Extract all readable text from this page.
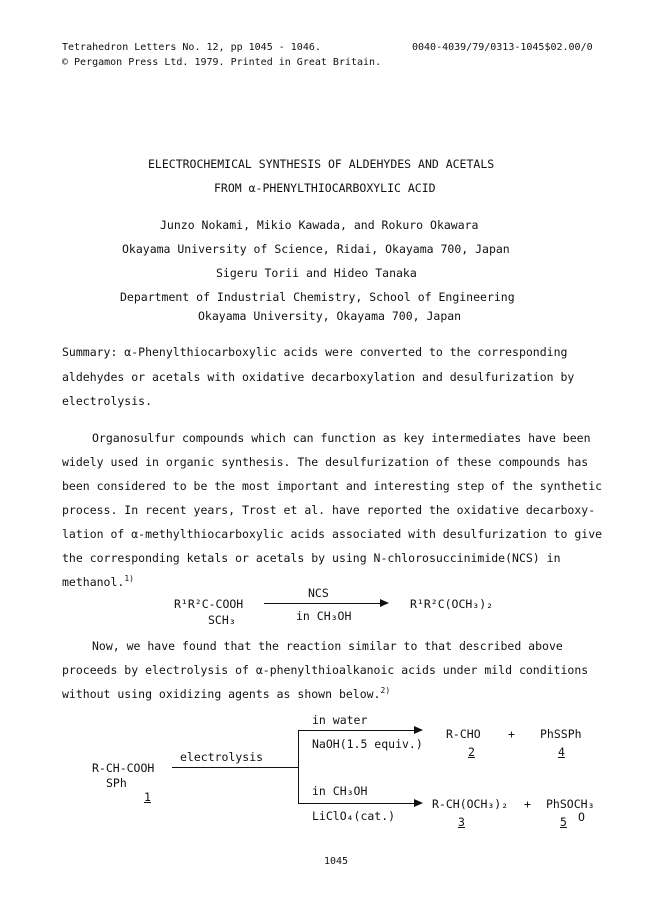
Tetrahedron Letters No. 12, pp 1045 - 1046.
© Pergamon Press Ltd. 1979. Printed in Great Britain.
0040-4039/79/0313-1045$02.00/0
ELECTROCHEMICAL SYNTHESIS OF ALDEHYDES AND ACETALS
FROM α-PHENYLTHIOCARBOXYLIC ACID
Junzo Nokami, Mikio Kawada, and Rokuro Okawara
Okayama University of Science, Ridai, Okayama 700, Japan
Sigeru Torii and Hideo Tanaka
Department of Industrial Chemistry, School of Engineering
Okayama University, Okayama 700, Japan
Summary: α-Phenylthiocarboxylic acids were converted to the corresponding
aldehydes or acetals with oxidative decarboxylation and desulfurization by
electrolysis.
Organosulfur compounds which can function as key intermediates have been
widely used in organic synthesis. The desulfurization of these compounds has
been considered to be the most important and interesting step of the synthetic
process. In recent years, Trost et al. have reported the oxidative decarboxy-
lation of α-methylthiocarboxylic acids associated with desulfurization to give
the corresponding ketals or acetals by using N-chlorosuccinimide(NCS) in
methanol.$^{1)}$
R¹R²C-COOH
SCH₃
NCS
in CH₃OH
R¹R²C(OCH₃)₂
Now, we have found that the reaction similar to that described above
proceeds by electrolysis of α-phenylthioalkanoic acids under mild conditions
without using oxidizing agents as shown below.$^{2)}$
in water
NaOH(1.5 equiv.)
R-CHO + PhSSPh
2	4
electrolysis
R-CH-COOH
SPh
1	in CH₃OH
LiClO₄(cat.)
R-CH(OCH₃)₂ + PhSOCH₃
O
3	5
1045
